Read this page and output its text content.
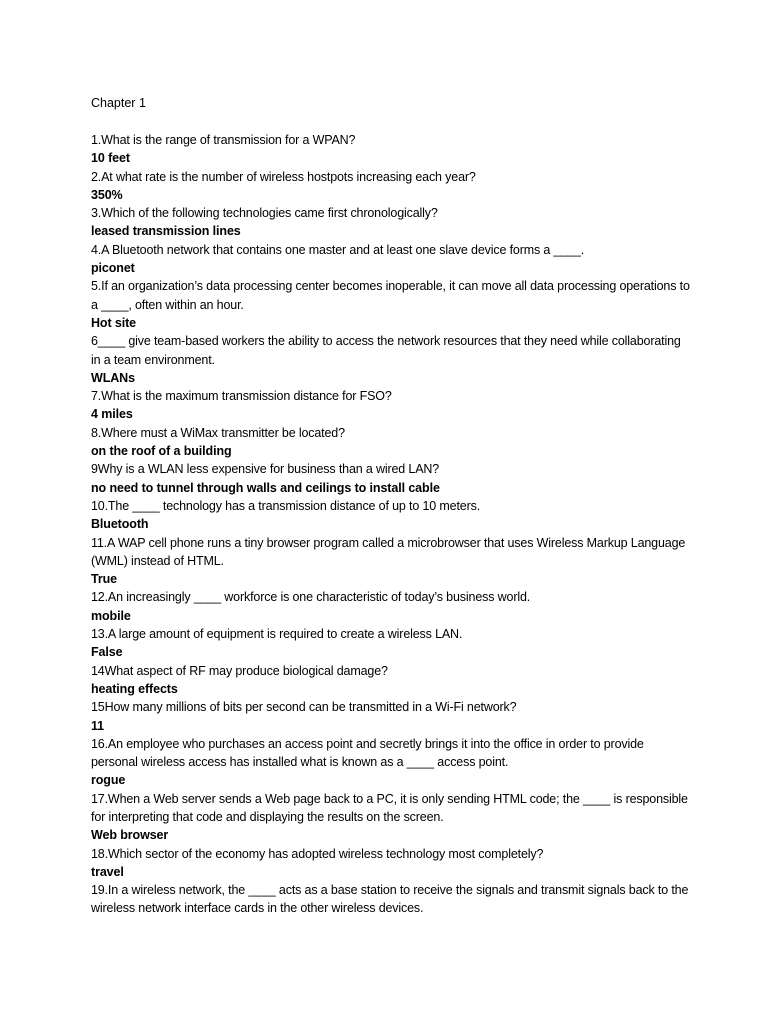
Chapter 1

1.What is the range of transmission for a WPAN?

10 feet

2.At what rate is the number of wireless hostpots increasing each year?

350%

3.Which of the following technologies came first chronologically?

leased transmission lines

4.A Bluetooth network that contains one master and at least one slave device forms a ____.

piconet

5.If an organization’s data processing center becomes inoperable, it can move all data processing operations to a ____, often within an hour.

Hot site

6____ give team-based workers the ability to access the network resources that they need while collaborating in a team environment.

WLANs

7.What is the maximum transmission distance for FSO?

4 miles

8.Where must a WiMax transmitter be located?

on the roof of a building

9Why is a WLAN less expensive for business than a wired LAN?

no need to tunnel through walls and ceilings to install cable

10.The ____ technology has a transmission distance of up to 10 meters.

Bluetooth

11.A WAP cell phone runs a tiny browser program called a microbrowser that uses Wireless Markup Language (WML) instead of HTML.

True

12.An increasingly ____ workforce is one characteristic of today’s business world.

mobile

13.A large amount of equipment is required to create a wireless LAN.

False

14What aspect of RF may produce biological damage?

heating effects

15How many millions of bits per second can be transmitted in a Wi-Fi network?

11

16.An employee who purchases an access point and secretly brings it into the office in order to provide personal wireless access has installed what is known as a ____ access point.

rogue

17.When a Web server sends a Web page back to a PC, it is only sending HTML code; the ____ is responsible for interpreting that code and displaying the results on the screen.

Web browser

18.Which sector of the economy has adopted wireless technology most completely?

travel

19.In a wireless network, the ____ acts as a base station to receive the signals and transmit signals back to the wireless network interface cards in the other wireless devices.
